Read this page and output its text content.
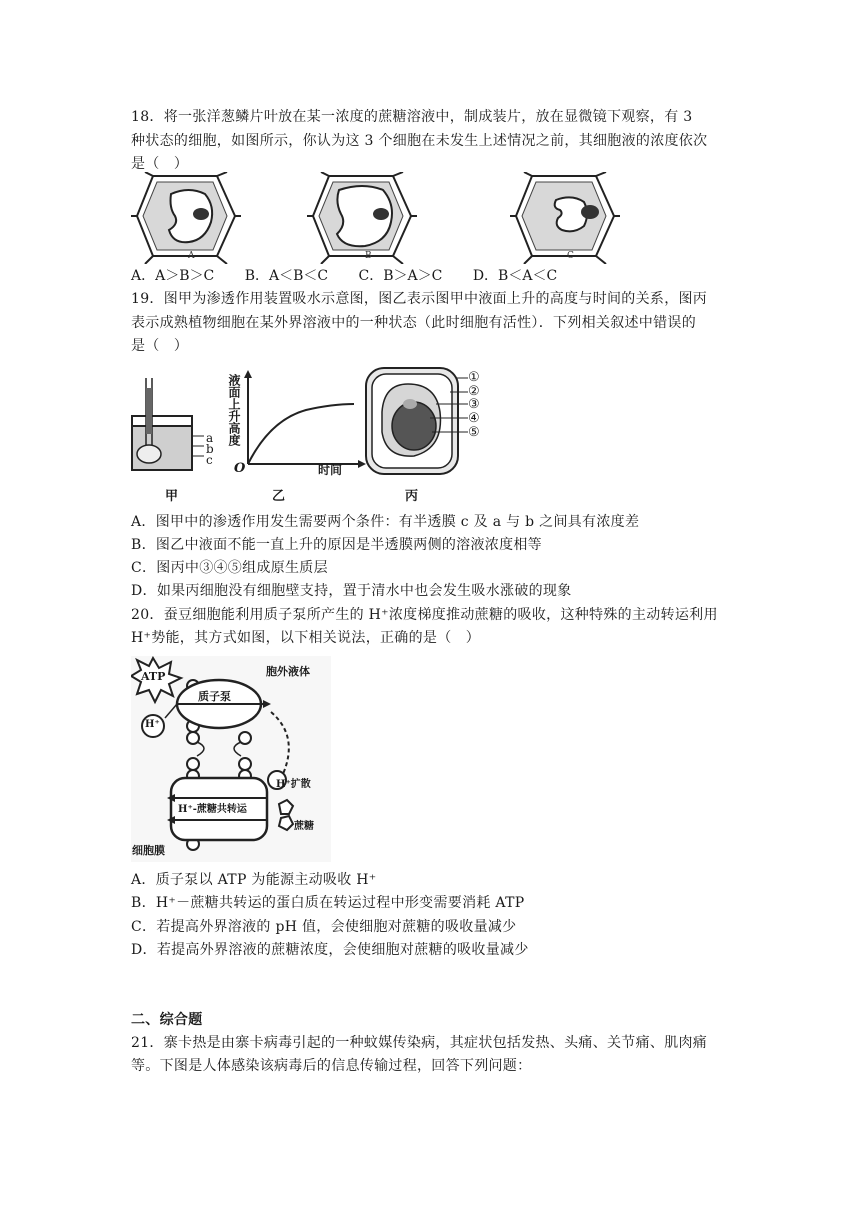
18．将一张洋葱鳞片叶放在某一浓度的蔗糖溶液中，制成装片，放在显微镜下观察，有 3
种状态的细胞，如图所示，你认为这 3 个细胞在未发生上述情况之前，其细胞液的浓度依次
是（　）
A	B	C
A．A＞B＞C B．A＜B＜C C．B＞A＞C D．B＜A＜C
19．图甲为渗透作用装置吸水示意图，图乙表示图甲中液面上升的高度与时间的关系，图丙
表示成熟植物细胞在某外界溶液中的一种状态（此时细胞有活性）．下列相关叙述中错误的
是（　）
a
b
c
甲
液面上升高度
O	时间
乙
①
②
③
④
⑤
丙
A．图甲中的渗透作用发生需要两个条件：有半透膜 c 及 a 与 b 之间具有浓度差
B．图乙中液面不能一直上升的原因是半透膜两侧的溶液浓度相等
C．图丙中③④⑤组成原生质层
D．如果丙细胞没有细胞壁支持，置于清水中也会发生吸水涨破的现象
20．蚕豆细胞能利用质子泵所产生的 H⁺浓度梯度推动蔗糖的吸收，这种特殊的主动转运利用
H⁺势能，其方式如图，以下相关说法，正确的是（　）
ATP
H⁺
胞外液体
质子泵
H⁺扩散
H⁺-蔗糖共转运
蔗糖
细胞膜
A．质子泵以 ATP 为能源主动吸收 H⁺
B．H⁺－蔗糖共转运的蛋白质在转运过程中形变需要消耗 ATP
C．若提高外界溶液的 pH 值，会使细胞对蔗糖的吸收量减少
D．若提高外界溶液的蔗糖浓度，会使细胞对蔗糖的吸收量减少
二、综合题
21．寨卡热是由寨卡病毒引起的一种蚊媒传染病，其症状包括发热、头痛、关节痛、肌肉痛
等。下图是人体感染该病毒后的信息传输过程，回答下列问题：
